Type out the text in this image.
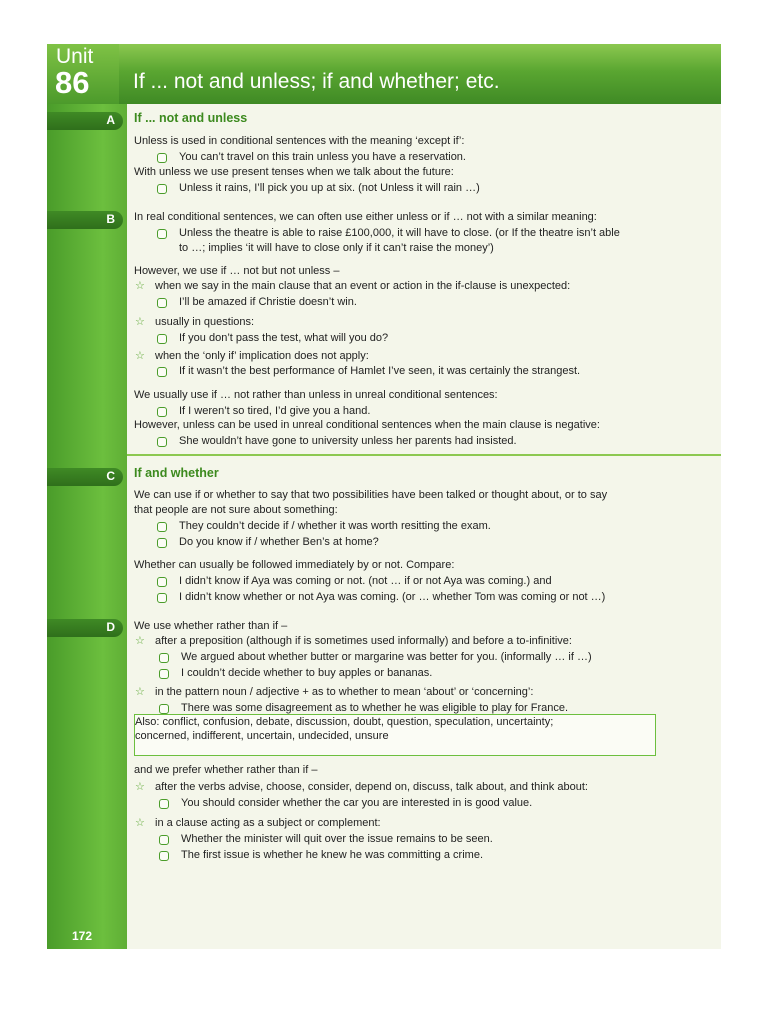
Unit
86 If ... not and unless; if and whether; etc.
A
B
C
D
If ... not and unless
Unless is used in conditional sentences with the meaning ‘except if’:
You can’t travel on this train unless you have a reservation.
With unless we use present tenses when we talk about the future:
Unless it rains, I’ll pick you up at six. (not Unless it will rain …)
In real conditional sentences, we can often use either unless or if … not with a similar meaning:
Unless the theatre is able to raise £100,000, it will have to close. (or If the theatre isn’t able
to …; implies ‘it will have to close only if it can’t raise the money’)
However, we use if … not but not unless –
☆ when we say in the main clause that an event or action in the if-clause is unexpected:
I’ll be amazed if Christie doesn’t win.
☆ usually in questions:
If you don’t pass the test, what will you do?
☆ when the ‘only if’ implication does not apply:
If it wasn’t the best performance of Hamlet I’ve seen, it was certainly the strangest.
We usually use if … not rather than unless in unreal conditional sentences:
If I weren’t so tired, I’d give you a hand.
However, unless can be used in unreal conditional sentences when the main clause is negative:
She wouldn’t have gone to university unless her parents had insisted.
If and whether
We can use if or whether to say that two possibilities have been talked or thought about, or to say
that people are not sure about something:
They couldn’t decide if / whether it was worth resitting the exam.
Do you know if / whether Ben’s at home?
Whether can usually be followed immediately by or not. Compare:
I didn’t know if Aya was coming or not. (not … if or not Aya was coming.) and
I didn’t know whether or not Aya was coming. (or … whether Tom was coming or not …)
We use whether rather than if –
☆ after a preposition (although if is sometimes used informally) and before a to-infinitive:
We argued about whether butter or margarine was better for you. (informally … if …)
I couldn’t decide whether to buy apples or bananas.
☆ in the pattern noun / adjective + as to whether to mean ‘about’ or ‘concerning’:
There was some disagreement as to whether he was eligible to play for France.
Also: conflict, confusion, debate, discussion, doubt, question, speculation, uncertainty;
concerned, indifferent, uncertain, undecided, unsure
and we prefer whether rather than if –
☆ after the verbs advise, choose, consider, depend on, discuss, talk about, and think about:
You should consider whether the car you are interested in is good value.
☆ in a clause acting as a subject or complement:
Whether the minister will quit over the issue remains to be seen.
The first issue is whether he knew he was committing a crime.
172
